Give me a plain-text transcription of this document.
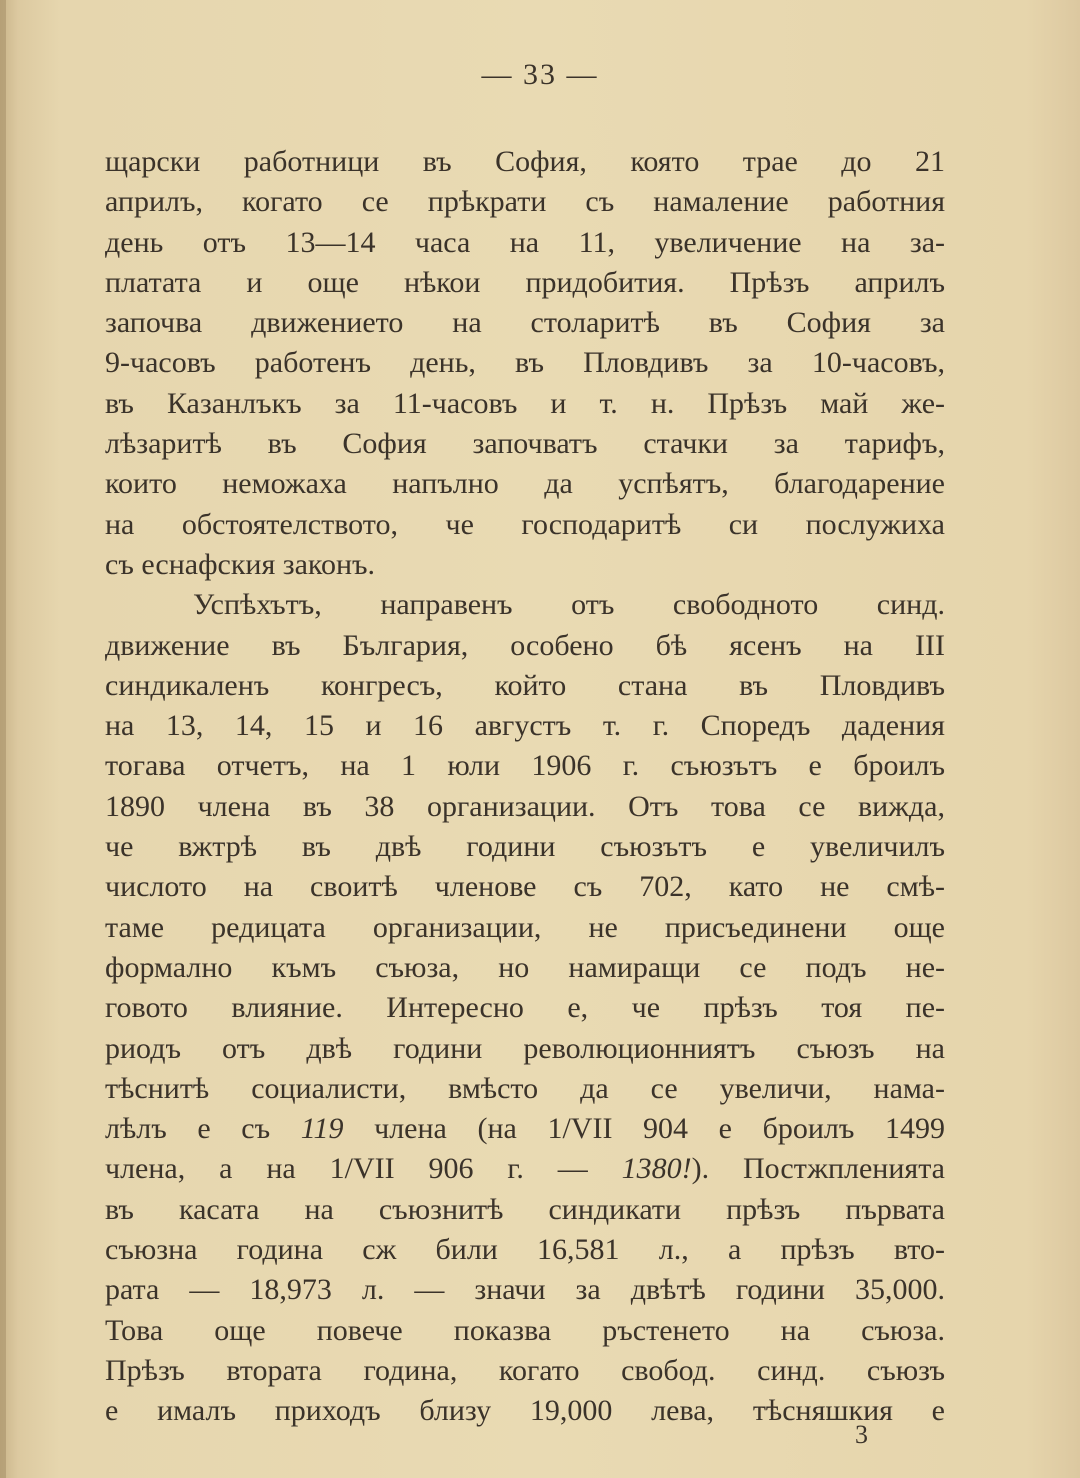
— 33 —
щарски работници въ София, която трае до 21
априлъ, когато се прѣкрати съ намаление работния
день отъ 13—14 часа на 11, увеличение на за-
платата и още нѣкои придобития. Прѣзъ априлъ
започва движението на столаритѣ въ София за
9-часовъ работенъ день, въ Пловдивъ за 10-часовъ,
въ Казанлъкъ за 11-часовъ и т. н. Прѣзъ май же-
лѣзаритѣ въ София започватъ стачки за тарифъ,
които неможаха напълно да успѣятъ, благодарение
на обстоятелството, че господаритѣ си послужиха
съ еснафския законъ.
Успѣхътъ, направенъ отъ свободното синд.
движение въ България, особено бѣ ясенъ на III
синдикаленъ конгресъ, който стана въ Пловдивъ
на 13, 14, 15 и 16 августъ т. г. Споредъ дадения
тогава отчетъ, на 1 юли 1906 г. съюзътъ е броилъ
1890 члена въ 38 организации. Отъ това се вижда,
че вжтрѣ въ двѣ години съюзътъ е увеличилъ
числото на своитѣ членове съ 702, като не смѣ-
таме редицата организации, не присъединени още
формално къмъ съюза, но намиращи се подъ не-
говото влияние. Интересно е, че прѣзъ тоя пе-
риодъ отъ двѣ години революционниятъ съюзъ на
тѣснитѣ социалисти, вмѣсто да се увеличи, нама-
лѣлъ е съ 119 члена (на 1/VII 904 е броилъ 1499
члена, а на 1/VII 906 г. — 1380!). Постжпленията
въ касата на съюзнитѣ синдикати прѣзъ първата
съюзна година сж били 16,581 л., а прѣзъ вто-
рата — 18,973 л. — значи за двѣтѣ години 35,000.
Това още повече показва ръстенето на съюза.
Прѣзъ втората година, когато свобод. синд. съюзъ
е ималъ приходъ близу 19,000 лева, тѣсняшкия е
3
